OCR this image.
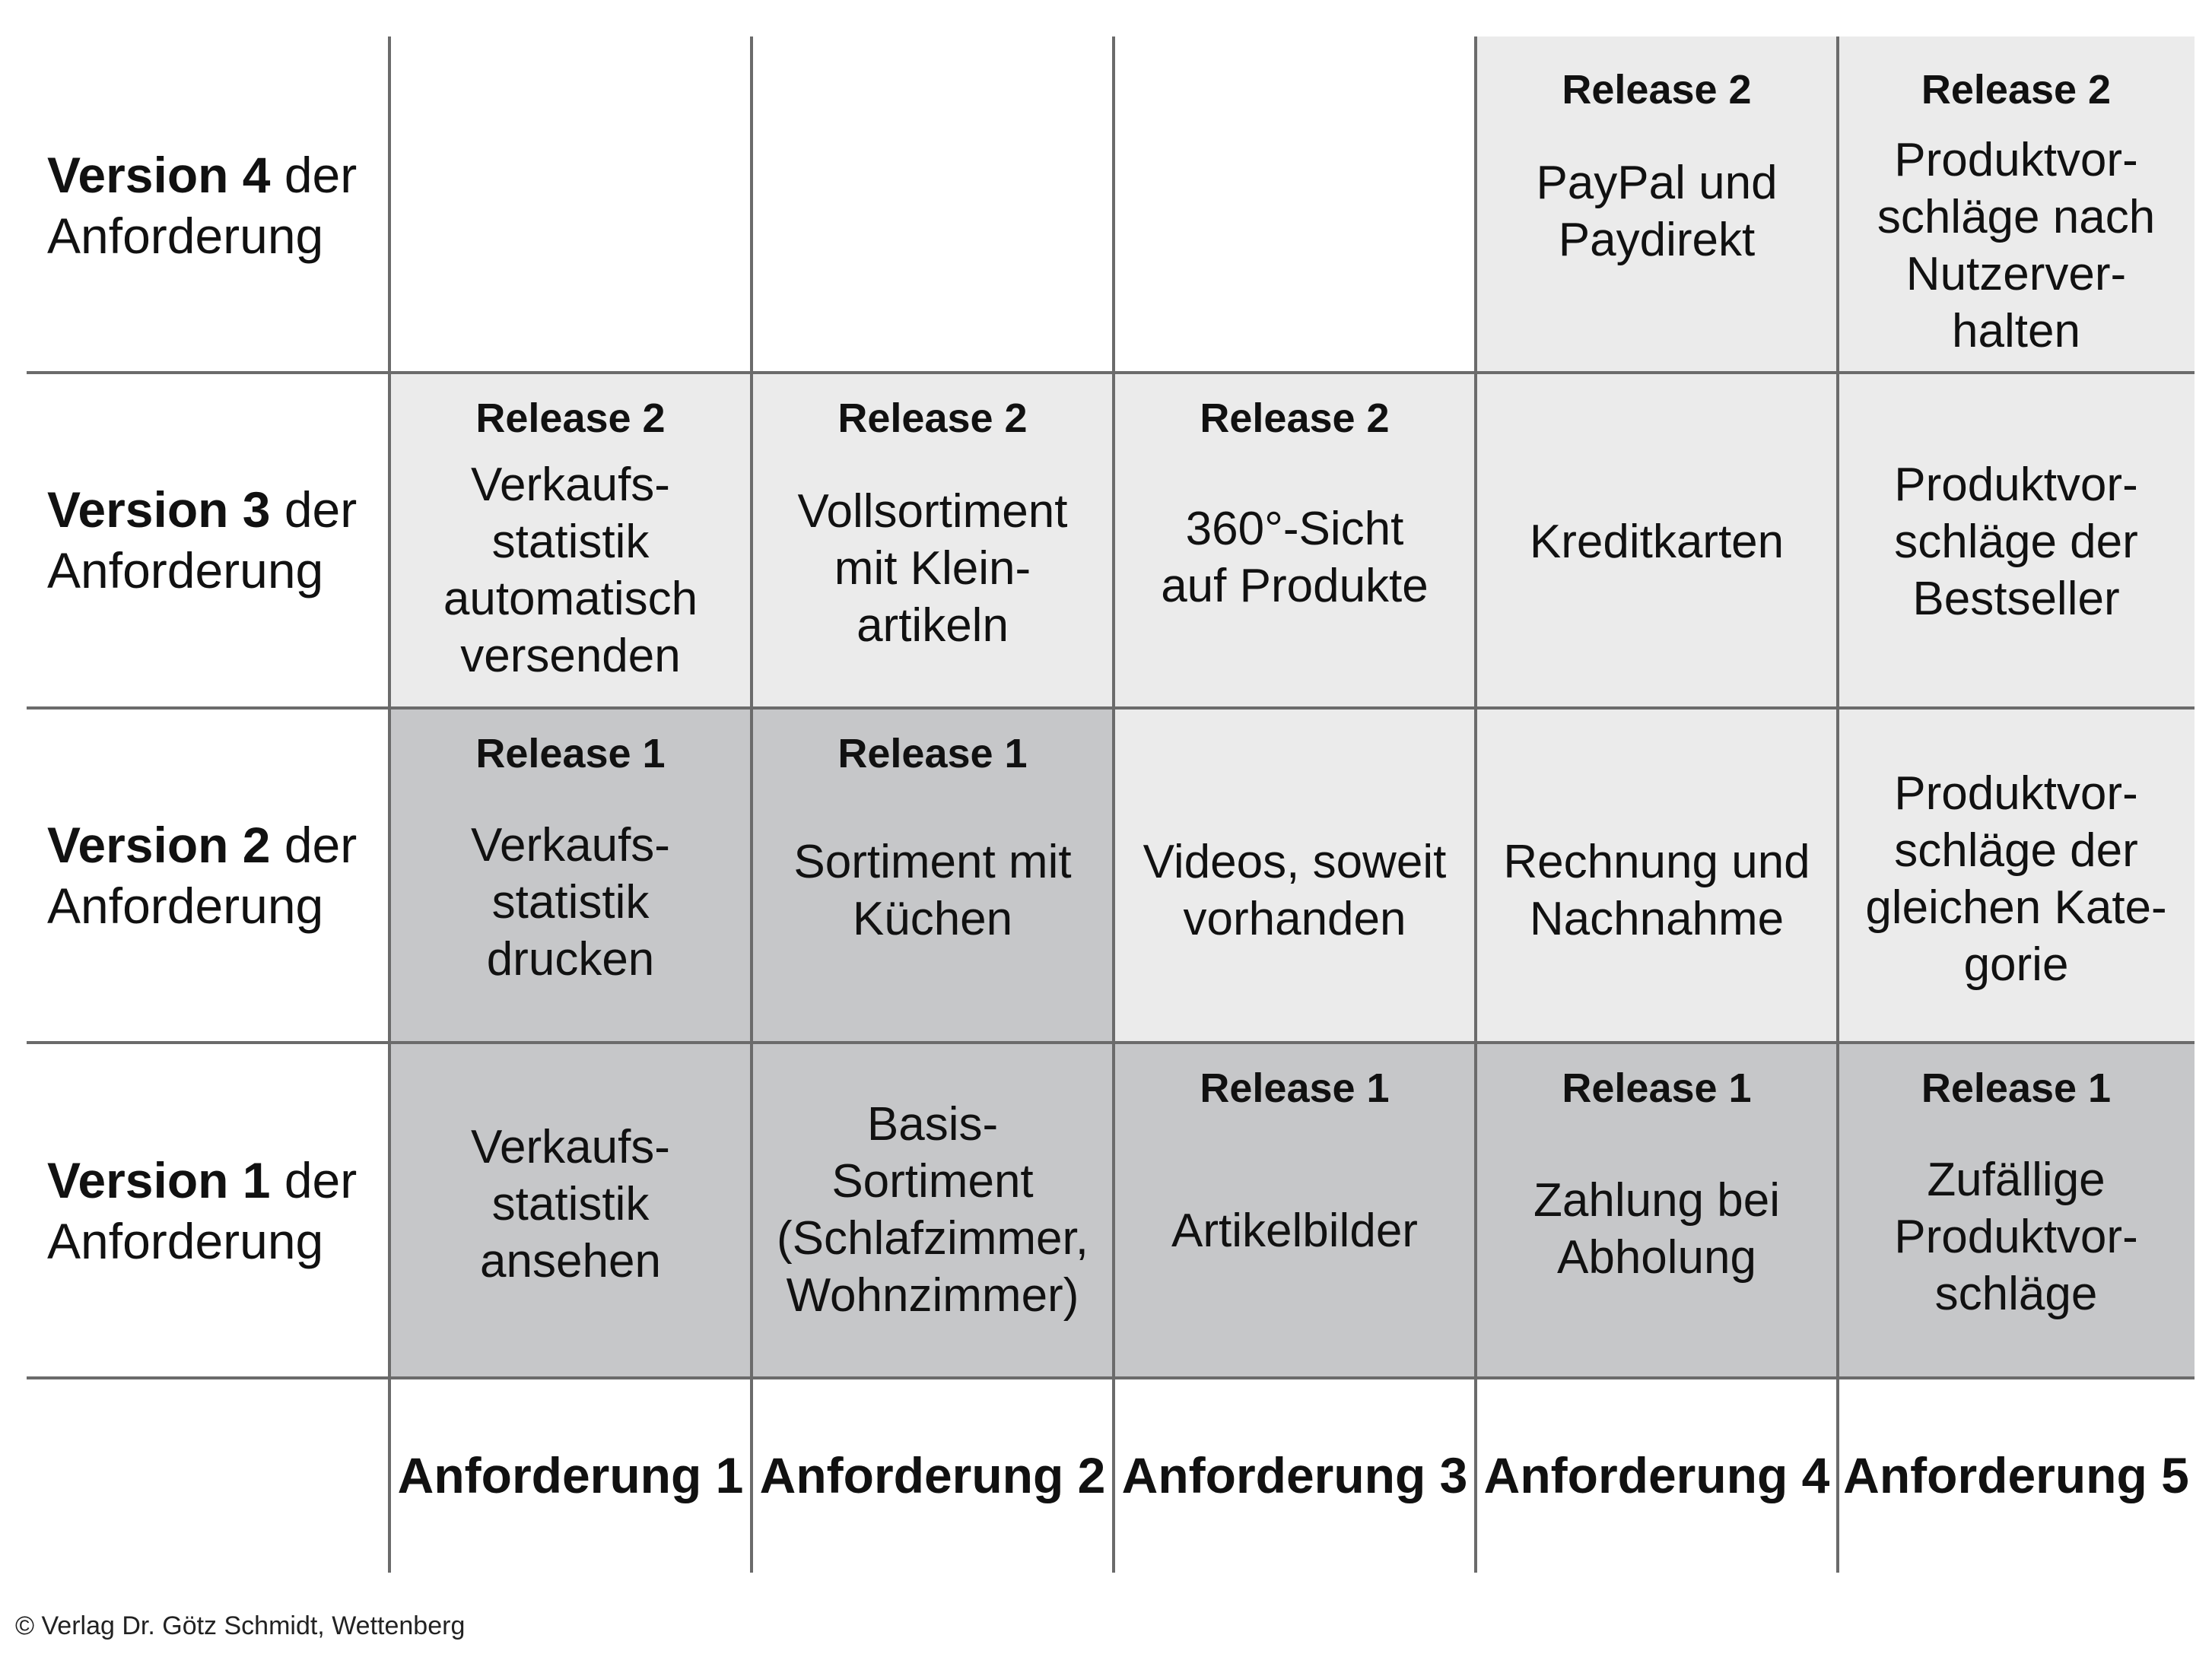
Release 2
PayPal und
Paydirekt
Release 2
Produktvor-
schläge nach
Nutzerver-
halten
Release 2
Verkaufs-
statistik
automatisch
versenden
Release 2
Vollsortiment
mit Klein-
artikeln
Release 2
360°-Sicht
auf Produkte
Kreditkarten
Produktvor-
schläge der
Bestseller
Release 1
Verkaufs-
statistik
drucken
Release 1
Sortiment mit
Küchen
Videos, soweit
vorhanden
Rechnung und
Nachnahme
Produktvor-
schläge der
gleichen Kate-
gorie
Verkaufs-
statistik
ansehen
Basis-
Sortiment
(Schlafzimmer,
Wohnzimmer)
Release 1
Artikelbilder
Release 1
Zahlung bei
Abholung
Release 1
Zufällige
Produktvor-
schläge
Version 4 der
Anforderung
Version 3 der
Anforderung
Version 2 der
Anforderung
Version 1 der
Anforderung
Anforderung 1 Anforderung 2 Anforderung 3 Anforderung 4 Anforderung 5
© Verlag Dr. Götz Schmidt, Wettenberg
